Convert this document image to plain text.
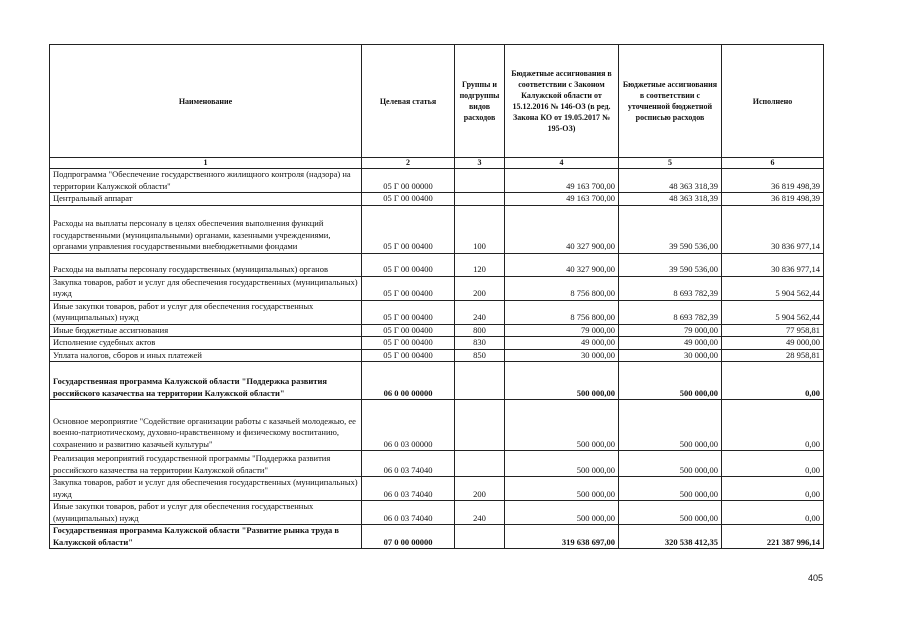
Наименование	Целевая статья	Группы и подгруппы видов расходов	Бюджетные ассигнования в соответствии с Законом Калужской области от 15.12.2016 № 146-ОЗ (в ред. Закона КО от 19.05.2017 № 195-ОЗ)	Бюджетные ассигнования в соответствии с уточненной бюджетной росписью расходов	Исполнено
1	2	3	4	5	6
Подпрограмма "Обеспечение государственного жилищного контроля (надзора) на территории Калужской области"	05 Г 00 00000		49 163 700,00	48 363 318,39	36 819 498,39
Центральный аппарат	05 Г 00 00400		49 163 700,00	48 363 318,39	36 819 498,39
Расходы на выплаты персоналу в целях обеспечения выполнения функций государственными (муниципальными) органами, казенными учреждениями, органами управления государственными внебюджетными фондами	05 Г 00 00400	100	40 327 900,00	39 590 536,00	30 836 977,14
Расходы на выплаты персоналу государственных (муниципальных) органов	05 Г 00 00400	120	40 327 900,00	39 590 536,00	30 836 977,14
Закупка товаров, работ и услуг для обеспечения государственных (муниципальных) нужд	05 Г 00 00400	200	8 756 800,00	8 693 782,39	5 904 562,44
Иные закупки товаров, работ и услуг для обеспечения государственных (муниципальных) нужд	05 Г 00 00400	240	8 756 800,00	8 693 782,39	5 904 562,44
Иные бюджетные ассигнования	05 Г 00 00400	800	79 000,00	79 000,00	77 958,81
Исполнение судебных актов	05 Г 00 00400	830	49 000,00	49 000,00	49 000,00
Уплата налогов, сборов и иных платежей	05 Г 00 00400	850	30 000,00	30 000,00	28 958,81
Государственная программа Калужской области "Поддержка развития российского казачества на территории Калужской области"	06 0 00 00000		500 000,00	500 000,00	0,00
Основное мероприятие "Содействие организации работы с казачьей молодежью, ее военно-патриотическому, духовно-нравственному и физическому воспитанию, сохранению и развитию казачьей культуры"	06 0 03 00000		500 000,00	500 000,00	0,00
Реализация мероприятий государственной программы "Поддержка развития российского казачества на территории Калужской области"	06 0 03 74040		500 000,00	500 000,00	0,00
Закупка товаров, работ и услуг для обеспечения государственных (муниципальных) нужд	06 0 03 74040	200	500 000,00	500 000,00	0,00
Иные закупки товаров, работ и услуг для обеспечения государственных (муниципальных) нужд	06 0 03 74040	240	500 000,00	500 000,00	0,00
Государственная программа Калужской области "Развитие рынка труда в Калужской области"	07 0 00 00000		319 638 697,00	320 538 412,35	221 387 996,14
405
